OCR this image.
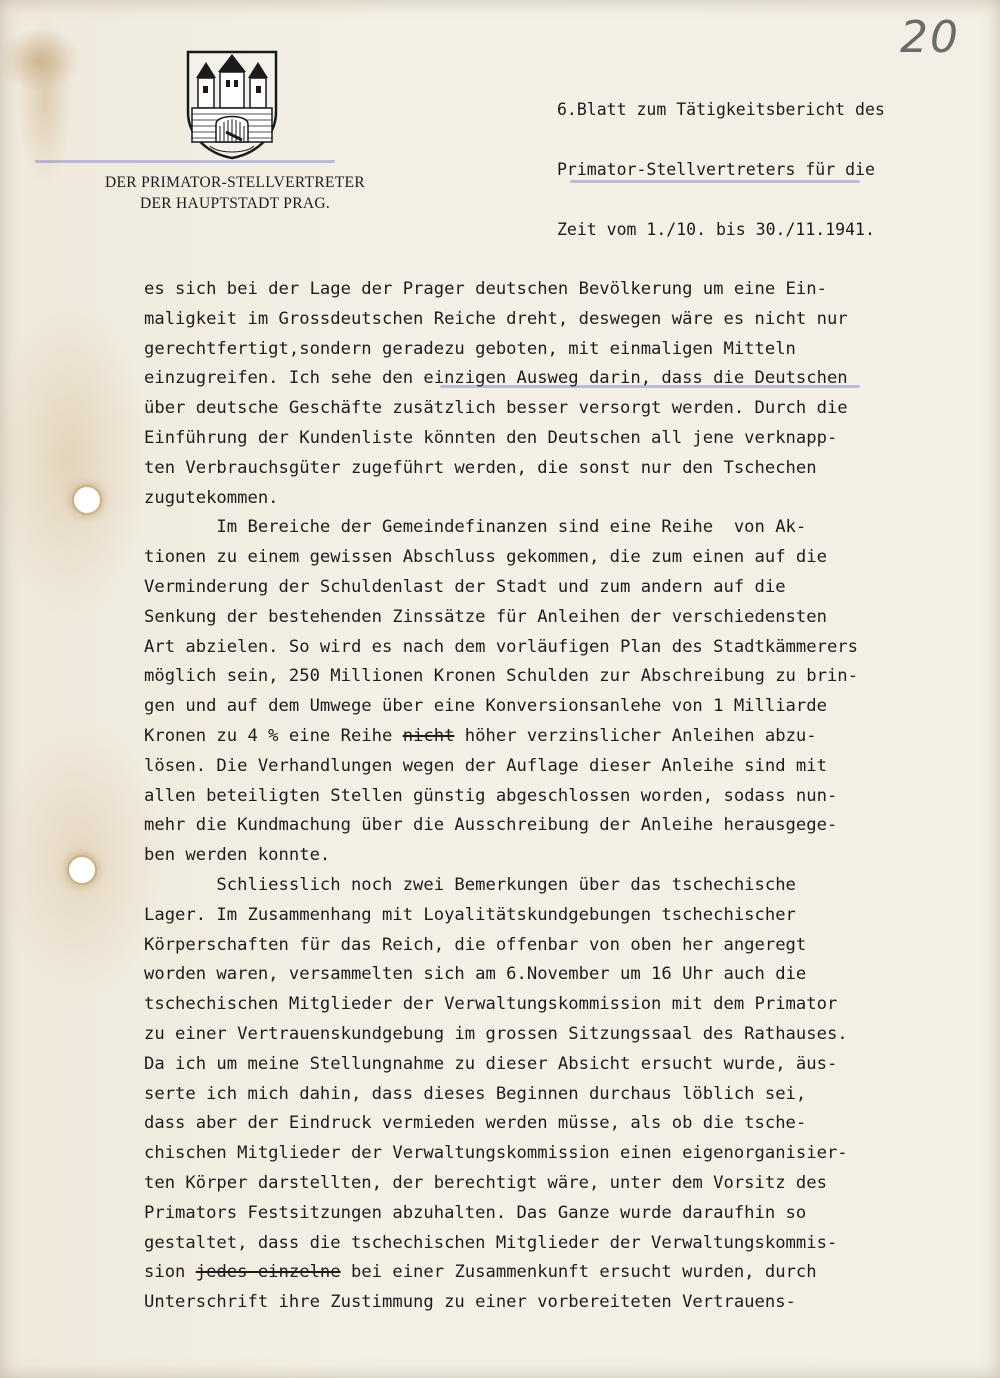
20
DER PRIMATOR-STELLVERTRETER
DER HAUPTSTADT PRAG.

6.Blatt zum Tätigkeitsbericht des

Primator-Stellvertreters für die

Zeit vom 1./10. bis 30./11.1941.

es sich bei der Lage der Prager deutschen Bevölkerung um eine Ein-
maligkeit im Grossdeutschen Reiche dreht, deswegen wäre es nicht nur
gerechtfertigt,sondern geradezu geboten, mit einmaligen Mitteln
einzugreifen. Ich sehe den einzigen Ausweg darin, dass die Deutschen
über deutsche Geschäfte zusätzlich besser versorgt werden. Durch die
Einführung der Kundenliste könnten den Deutschen all jene verknapp-
ten Verbrauchsgüter zugeführt werden, die sonst nur den Tschechen
zugutekommen.
Im Bereiche der Gemeindefinanzen sind eine Reihe  von Ak-
tionen zu einem gewissen Abschluss gekommen, die zum einen auf die
Verminderung der Schuldenlast der Stadt und zum andern auf die
Senkung der bestehenden Zinssätze für Anleihen der verschiedensten
Art abzielen. So wird es nach dem vorläufigen Plan des Stadtkämmerers
möglich sein, 250 Millionen Kronen Schulden zur Abschreibung zu brin-
gen und auf dem Umwege über eine Konversionsanlehe von 1 Milliarde
Kronen zu 4 % eine Reihe nicht höher verzinslicher Anleihen abzu-
lösen. Die Verhandlungen wegen der Auflage dieser Anleihe sind mit
allen beteiligten Stellen günstig abgeschlossen worden, sodass nun-
mehr die Kundmachung über die Ausschreibung der Anleihe herausgege-
ben werden konnte.
Schliesslich noch zwei Bemerkungen über das tschechische
Lager. Im Zusammenhang mit Loyalitätskundgebungen tschechischer
Körperschaften für das Reich, die offenbar von oben her angeregt
worden waren, versammelten sich am 6.November um 16 Uhr auch die
tschechischen Mitglieder der Verwaltungskommission mit dem Primator
zu einer Vertrauenskundgebung im grossen Sitzungssaal des Rathauses.
Da ich um meine Stellungnahme zu dieser Absicht ersucht wurde, äus-
serte ich mich dahin, dass dieses Beginnen durchaus löblich sei,
dass aber der Eindruck vermieden werden müsse, als ob die tsche-
chischen Mitglieder der Verwaltungskommission einen eigenorganisier-
ten Körper darstellten, der berechtigt wäre, unter dem Vorsitz des
Primators Festsitzungen abzuhalten. Das Ganze wurde daraufhin so
gestaltet, dass die tschechischen Mitglieder der Verwaltungskommis-
sion jedes einzelne bei einer Zusammenkunft ersucht wurden, durch
Unterschrift ihre Zustimmung zu einer vorbereiteten Vertrauens-
